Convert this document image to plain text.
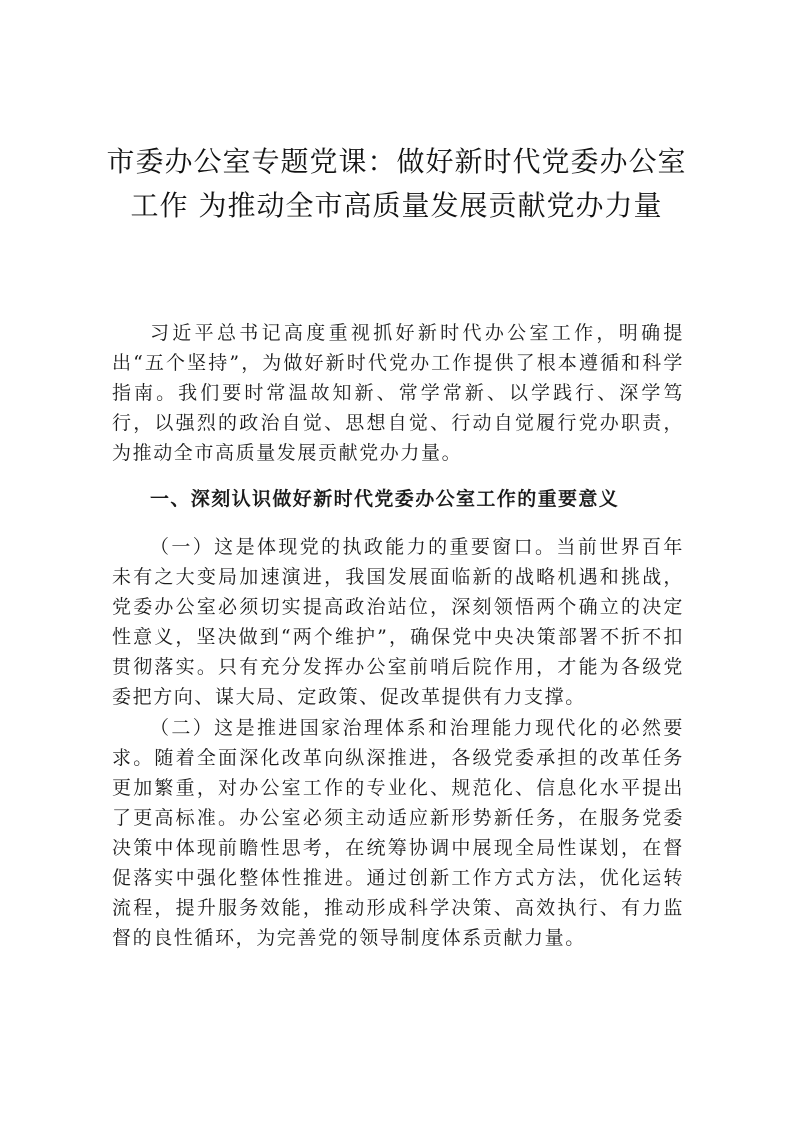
市委办公室专题党课：做好新时代党委办公室
工作 为推动全市高质量发展贡献党办力量

习近平总书记高度重视抓好新时代办公室工作，明确提出“五个坚持”，为做好新时代党办工作提供了根本遵循和科学指南。我们要时常温故知新、常学常新、以学践行、深学笃行，以强烈的政治自觉、思想自觉、行动自觉履行党办职责，为推动全市高质量发展贡献党办力量。

一、深刻认识做好新时代党委办公室工作的重要意义

（一）这是体现党的执政能力的重要窗口。当前世界百年未有之大变局加速演进，我国发展面临新的战略机遇和挑战，党委办公室必须切实提高政治站位，深刻领悟两个确立的决定性意义，坚决做到“两个维护”，确保党中央决策部署不折不扣贯彻落实。只有充分发挥办公室前哨后院作用，才能为各级党委把方向、谋大局、定政策、促改革提供有力支撑。

（二）这是推进国家治理体系和治理能力现代化的必然要求。随着全面深化改革向纵深推进，各级党委承担的改革任务更加繁重，对办公室工作的专业化、规范化、信息化水平提出了更高标准。办公室必须主动适应新形势新任务，在服务党委决策中体现前瞻性思考，在统筹协调中展现全局性谋划，在督促落实中强化整体性推进。通过创新工作方式方法，优化运转流程，提升服务效能，推动形成科学决策、高效执行、有力监督的良性循环，为完善党的领导制度体系贡献力量。
